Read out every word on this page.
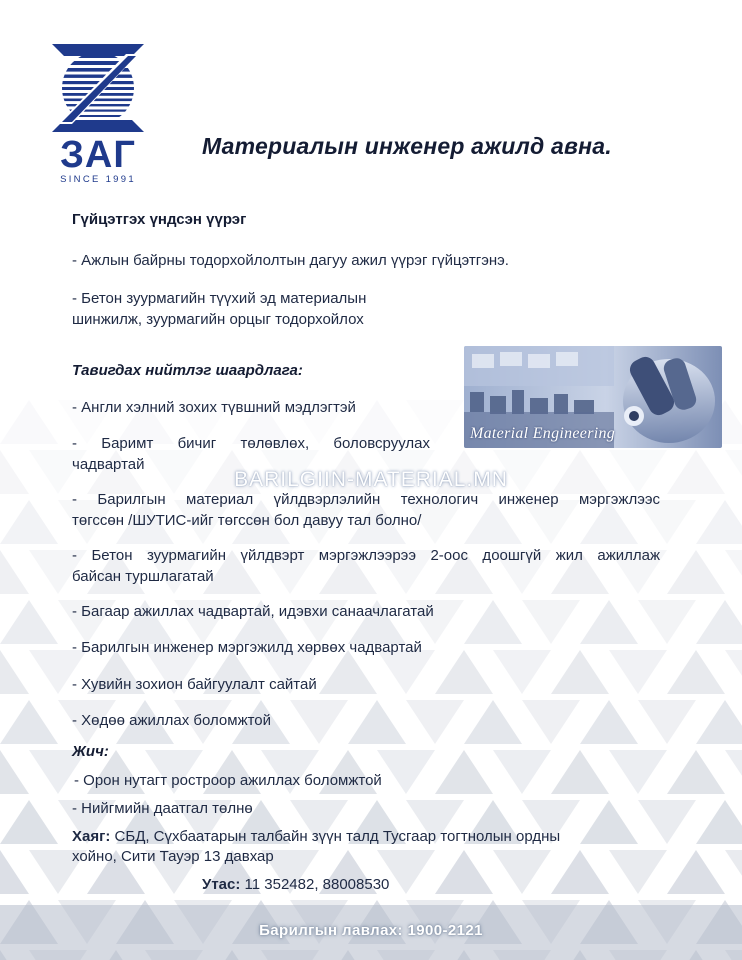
ЗАГ
SINCE 1991
Материалын инженер ажилд авна.
Гүйцэтгэх үндсэн үүрэг
- Ажлын байрны тодорхойлолтын дагуу ажил үүрэг гүйцэтгэнэ.
- Бетон зуурмагийн түүхий эд материалын
шинжилж, зуурмагийн орцыг тодорхойлох
Material Engineering
Тавигдах нийтлэг шаардлага:
- Англи хэлний зохих түвшний мэдлэгтэй
- Баримт бичиг төлөвлөх, боловсруулах
чадвартай
- Барилгын материал үйлдвэрлэлийн технологич инженер мэргэжлээс
төгссөн /ШУТИС-ийг төгссөн бол давуу тал болно/
- Бетон зуурмагийн үйлдвэрт мэргэжлээрээ 2-оос доошгүй жил ажиллаж
байсан туршлагатай
- Багаар ажиллах чадвартай, идэвхи санаачлагатай
- Барилгын инженер мэргэжилд хөрвөх чадвартай
- Хувийн зохион байгуулалт сайтай
- Хөдөө ажиллах боломжтой
BARILGIIN-MATERIAL.MN
Жич:
- Орон нутагт ростроор ажиллах боломжтой
- Нийгмийн даатгал төлнө
Хаяг: СБД, Сүхбаатарын талбайн зүүн талд Тусгаар тогтнолын ордны
хойно, Сити Тауэр 13 давхар
Утас: 11 352482, 88008530
Барилгын лавлах: 1900-2121
